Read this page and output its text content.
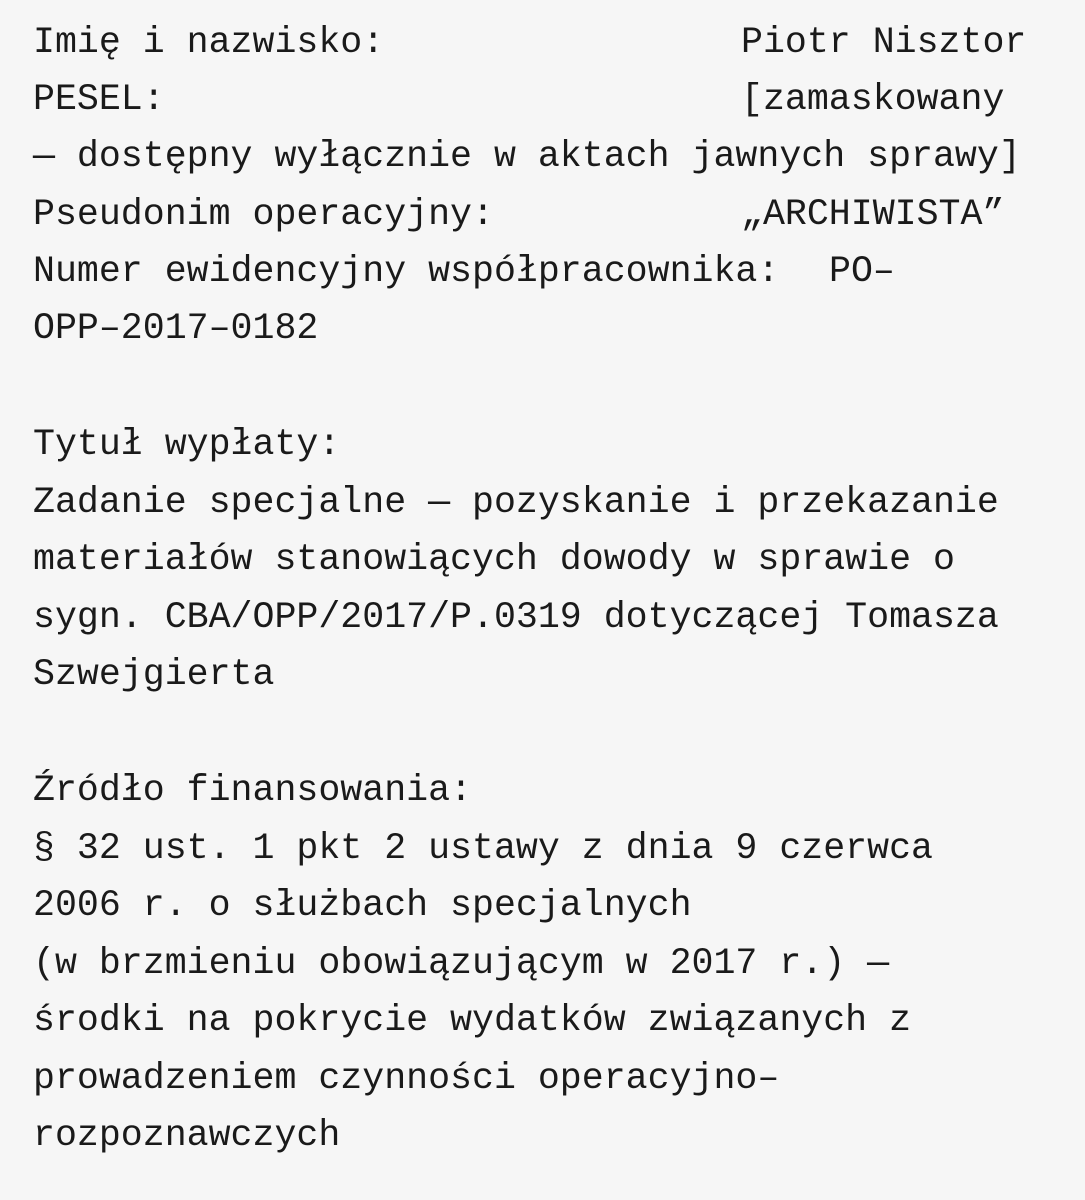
Imię i nazwisko:	Piotr Nisztor
PESEL:	[zamaskowany
— dostępny wyłącznie w aktach jawnych sprawy]
Pseudonim operacyjny:	„ARCHIWISTA”
Numer ewidencyjny współpracownika: PO–
OPP–2017–0182
Tytuł wypłaty:
Zadanie specjalne — pozyskanie i przekazanie
materiałów stanowiących dowody w sprawie o
sygn. CBA/OPP/2017/P.0319 dotyczącej Tomasza
Szwejgierta
Źródło finansowania:
§ 32 ust. 1 pkt 2 ustawy z dnia 9 czerwca
2006 r. o służbach specjalnych
(w brzmieniu obowiązującym w 2017 r.) —
środki na pokrycie wydatków związanych z
prowadzeniem czynności operacyjno–
rozpoznawczych
